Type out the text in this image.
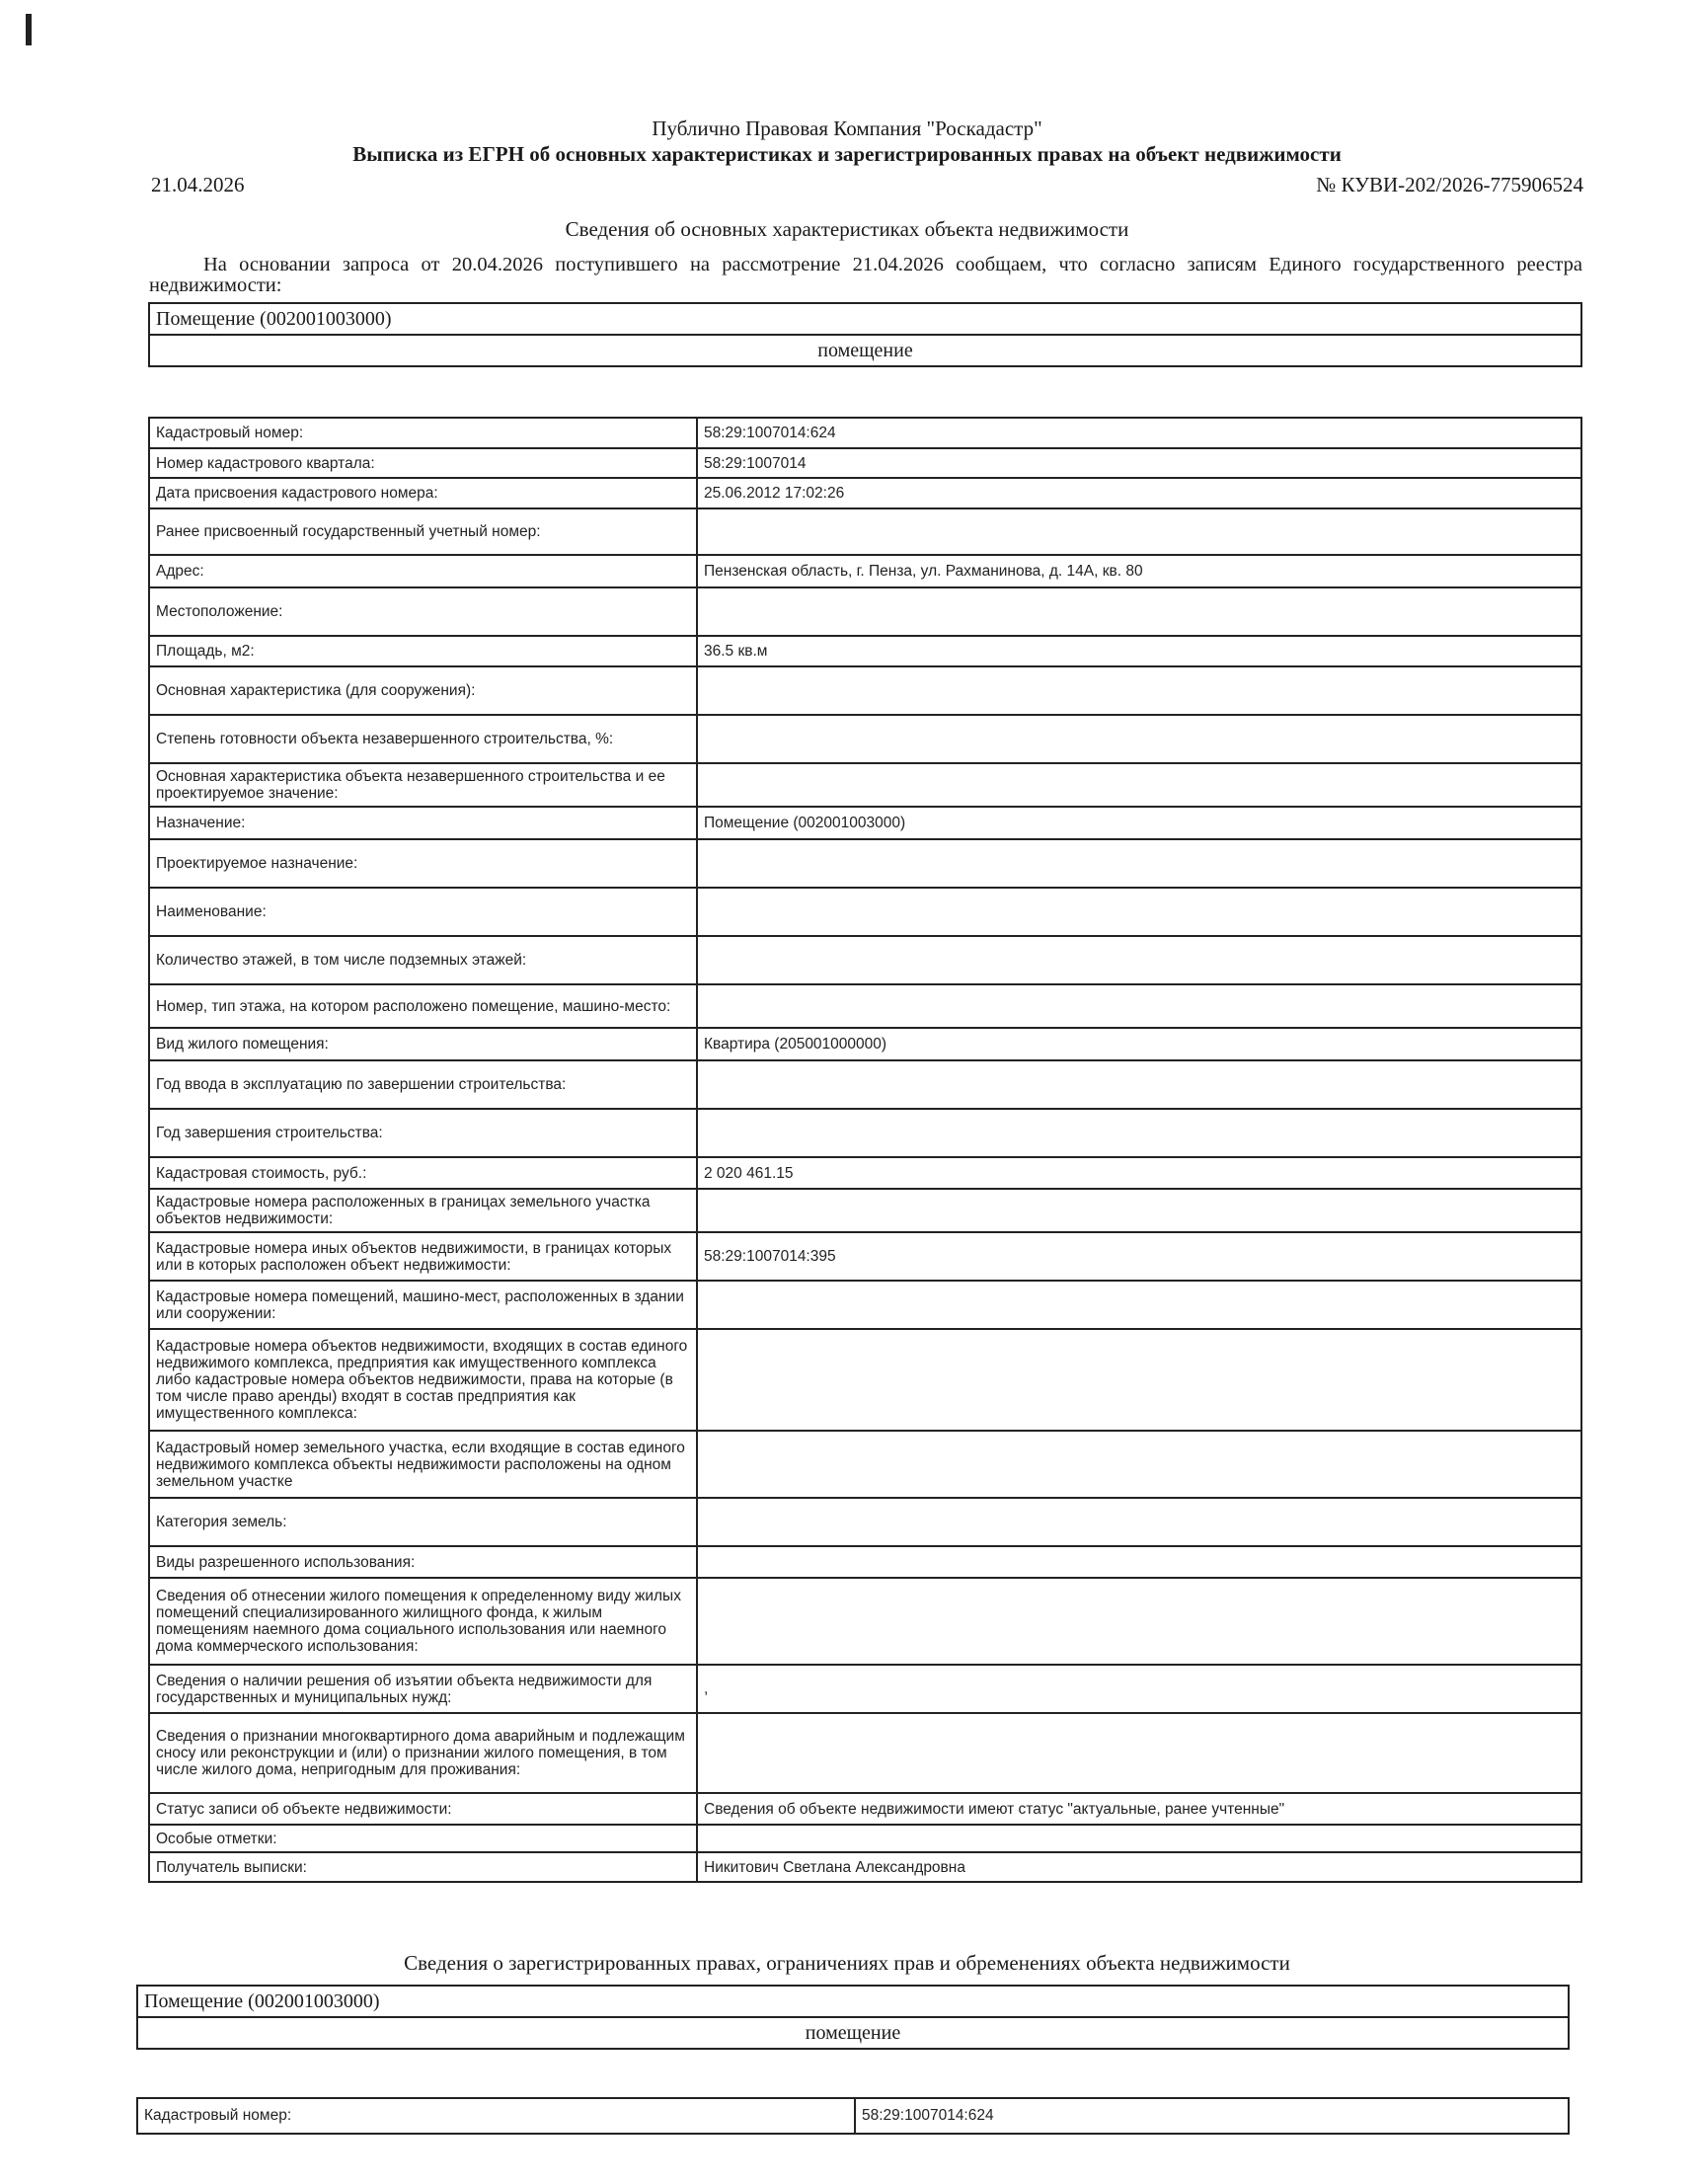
Публично Правовая Компания "Роскадастр"
Выписка из ЕГРН об основных характеристиках и зарегистрированных правах на объект недвижимости
21.04.2026	№ КУВИ-202/2026-775906524
Сведения об основных характеристиках объекта недвижимости
На основании запроса от 20.04.2026 поступившего на рассмотрение 21.04.2026 сообщаем, что согласно записям Единого государственного реестра недвижимости:
Помещение (002001003000)
помещение
Кадастровый номер:	58:29:1007014:624
Номер кадастрового квартала:	58:29:1007014
Дата присвоения кадастрового номера:	25.06.2012 17:02:26
Ранее присвоенный государственный учетный номер:	
Адрес:	Пензенская область, г. Пенза, ул. Рахманинова, д. 14А, кв. 80
Местоположение:	
Площадь, м2:	36.5 кв.м
Основная характеристика (для сооружения):	
Степень готовности объекта незавершенного строительства, %:	
Основная характеристика объекта незавершенного строительства и ее проектируемое значение:	
Назначение:	Помещение (002001003000)
Проектируемое назначение:	
Наименование:	
Количество этажей, в том числе подземных этажей:	
Номер, тип этажа, на котором расположено помещение, машино-место:	
Вид жилого помещения:	Квартира (205001000000)
Год ввода в эксплуатацию по завершении строительства:	
Год завершения строительства:	
Кадастровая стоимость, руб.:	2 020 461.15
Кадастровые номера расположенных в границах земельного участка объектов недвижимости:	
Кадастровые номера иных объектов недвижимости, в границах которых или в которых расположен объект недвижимости:	58:29:1007014:395
Кадастровые номера помещений, машино-мест, расположенных в здании или сооружении:	
Кадастровые номера объектов недвижимости, входящих в состав единого недвижимого комплекса, предприятия как имущественного комплекса либо кадастровые номера объектов недвижимости, права на которые (в том числе право аренды) входят в состав предприятия как имущественного комплекса:	
Кадастровый номер земельного участка, если входящие в состав единого недвижимого комплекса объекты недвижимости расположены на одном земельном участке	
Категория земель:	
Виды разрешенного использования:	
Сведения об отнесении жилого помещения к определенному виду жилых помещений специализированного жилищного фонда, к жилым помещениям наемного дома социального использования или наемного дома коммерческого использования:	
Сведения о наличии решения об изъятии объекта недвижимости для государственных и муниципальных нужд:	,
Сведения о признании многоквартирного дома аварийным и подлежащим сносу или реконструкции и (или) о признании жилого помещения, в том числе жилого дома, непригодным для проживания:	
Статус записи об объекте недвижимости:	Сведения об объекте недвижимости имеют статус "актуальные, ранее учтенные"
Особые отметки:	
Получатель выписки:	Никитович Светлана Александровна
Сведения о зарегистрированных правах, ограничениях прав и обременениях объекта недвижимости
Помещение (002001003000)
помещение
Кадастровый номер:	58:29:1007014:624
